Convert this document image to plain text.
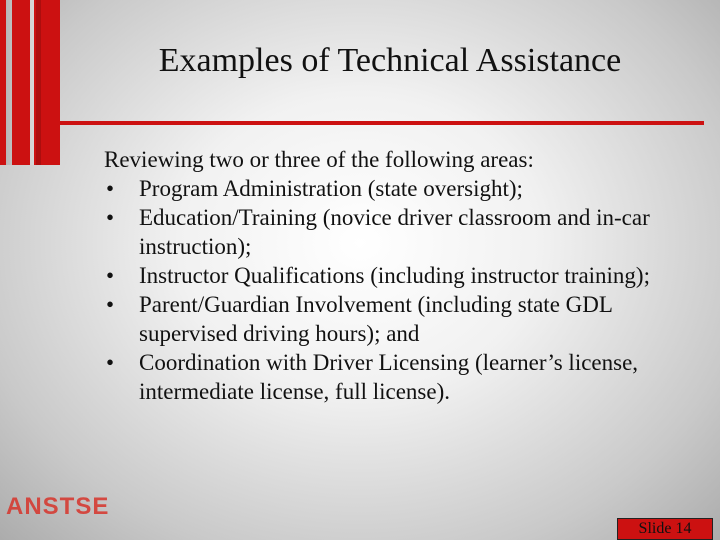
Examples of Technical Assistance

Reviewing two or three of the following areas:

• Program Administration (state oversight);
• Education/Training (novice driver classroom and in-car instruction);
• Instructor Qualifications (including instructor training);
• Parent/Guardian Involvement (including state GDL supervised driving hours); and
• Coordination with Driver Licensing (learner’s license, intermediate license, full license).
ANSTSE
Slide 14
